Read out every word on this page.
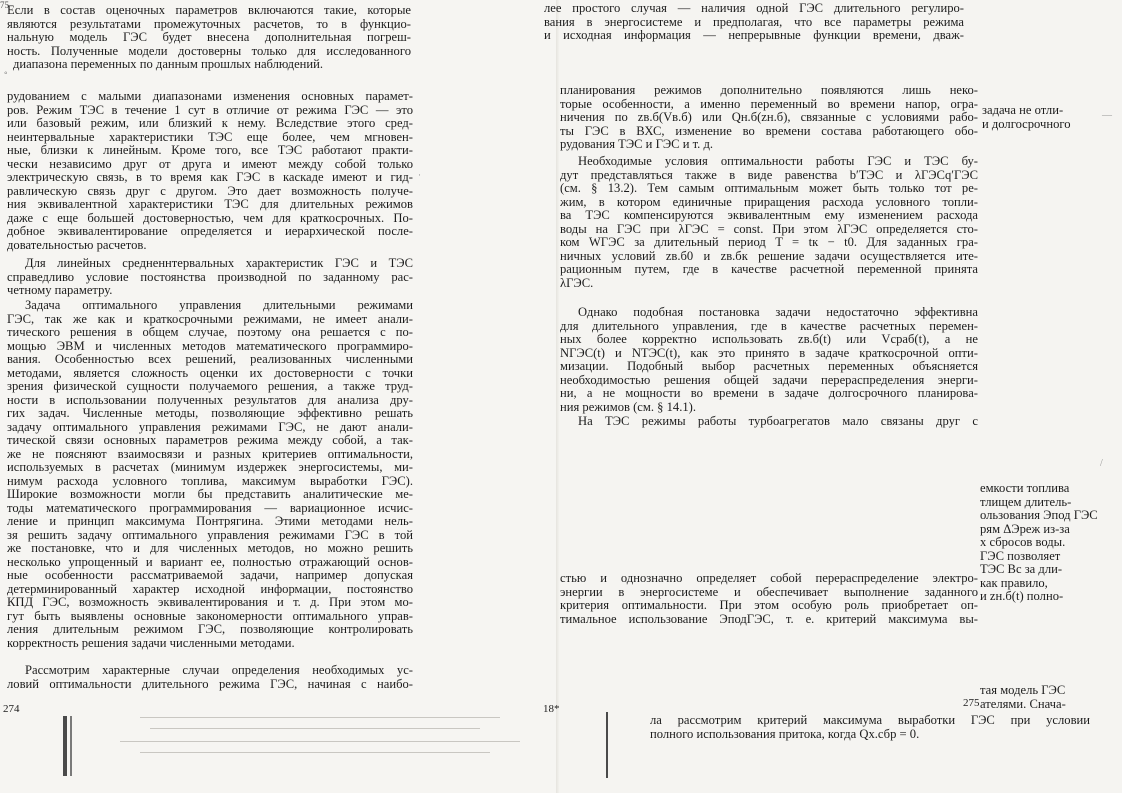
75
◦
Если в состав оценочных параметров включаются такие, которые
являются результатами промежуточных расчетов, то в функцио-
нальную модель ГЭС будет внесена дополнительная погреш-
ность. Полученные модели достоверны только для исследованного
диапазона переменных по данным прошлых наблюдений.
рудованием с малыми диапазонами изменения основных парамет-
ров. Режим ТЭС в течение 1 сут в отличие от режима ГЭС — это
или базовый режим, или близкий к нему. Вследствие этого сред-
неинтервальные характеристики ТЭС еще более, чем мгновен-
ные, близки к линейным. Кроме того, все ТЭС работают практи-
чески независимо друг от друга и имеют между собой только
электрическую связь, в то время как ГЭС в каскаде имеют и гид-
равлическую связь друг с другом. Это дает возможность получе-
ния эквивалентной характеристики ТЭС для длительных режимов
даже с еще большей достоверностью, чем для краткосрочных. По-
добное эквивалентирование определяется и иерархической после-
довательностью расчетов.
Для линейных средненнтервальных характеристик ГЭС и ТЭС
справедливо условие постоянства производной по заданному рас-
четному параметру.
Задача оптимального управления длительными режимами
ГЭС, так же как и краткосрочными режимами, не имеет анали-
тического решения в общем случае, поэтому она решается с по-
мощью ЭВМ и численных методов математического программиро-
вания. Особенностью всех решений, реализованных численными
методами, является сложность оценки их достоверности с точки
зрения физической сущности получаемого решения, а также труд-
ности в использовании полученных результатов для анализа дру-
гих задач. Численные методы, позволяющие эффективно решать
задачу оптимального управления режимами ГЭС, не дают анали-
тической связи основных параметров режима между собой, а так-
же не поясняют взаимосвязи и разных критериев оптимальности,
используемых в расчетах (минимум издержек энергосистемы, ми-
нимум расхода условного топлива, максимум выработки ГЭС).
Широкие возможности могли бы представить аналитические ме-
тоды математического программирования — вариационное исчис-
ление и принцип максимума Понтрягина. Этими методами нель-
зя решить задачу оптимального управления режимами ГЭС в той
же постановке, что и для численных методов, но можно решить
несколько упрощенный и вариант ее, полностью отражающий основ-
ные особенности рассматриваемой задачи, например допуская
детерминированный характер исходной информации, постоянство
КПД ГЭС, возможность эквивалентирования и т. д. При этом мо-
гут быть выявлены основные закономерности оптимального управ-
ления длительным режимом ГЭС, позволяющие контролировать
корректность решения задачи численными методами.
Рассмотрим характерные случаи определения необходимых ус-
ловий оптимальности длительного режима ГЭС, начиная с наибо-
274
·
лее простого случая — наличия одной ГЭС длительного регулиро-
вания в энергосистеме и предполагая, что все параметры режима
и исходная информация — непрерывные функции времени, дваж-
планирования режимов дополнительно появляются лишь неко-
торые особенности, а именно переменный во времени напор, огра-
ничения по zв.б(Vв.б) или Qн.б(zн.б), связанные с условиями рабо-
ты ГЭС в ВХС, изменение во времени состава работающего обо-
рудования ТЭС и ГЭС и т. д.
задача не отли-
и долгосрочного
—
Необходимые условия оптимальности работы ГЭС и ТЭС бу-
дут представляться также в виде равенства b′ТЭС и λГЭСq′ГЭС
(см. § 13.2). Тем самым оптимальным может быть только тот ре-
жим, в котором единичные приращения расхода условного топли-
ва ТЭС компенсируются эквивалентным ему изменением расхода
воды на ГЭС при λГЭС = const. При этом λГЭС определяется сто-
ком WГЭС за длительный период T = tк − t0. Для заданных гра-
ничных условий zв.б0 и zв.бк решение задачи осуществляется ите-
рационным путем, где в качестве расчетной переменной принята
λГЭС.
Однако подобная постановка задачи недостаточно эффективна
для длительного управления, где в качестве расчетных перемен-
ных более корректно использовать zв.б(t) или Vсраб(t), а не
NГЭС(t) и NТЭС(t), как это принято в задаче краткосрочной опти-
мизации. Подобный выбор расчетных переменных объясняется
необходимостью решения общей задачи перераспределения энерги-
ни, а не мощности во времени в задаче долгосрочного планирова-
ния режимов (см. § 14.1).
На ТЭС режимы работы турбоагрегатов мало связаны друг с
/
емкости топлива
тлищем длитель-
ользования Эпод ГЭС
рям ΔЭреж из-за
х сбросов воды.
ГЭС позволяет
ТЭС Bс за дли-
как правило,
и zн.б(t) полно-
стью и однозначно определяет собой перераспределение электро-
энергии в энергосистеме и обеспечивает выполнение заданного
критерия оптимальности. При этом особую роль приобретает оп-
тимальное использование ЭподГЭС, т. е. критерий максимума вы-
18*	275
тая модель ГЭС
ателями. Снача-
ла рассмотрим критерий максимума выработки ГЭС при условии
полного использования притока, когда Qх.сбр = 0.
